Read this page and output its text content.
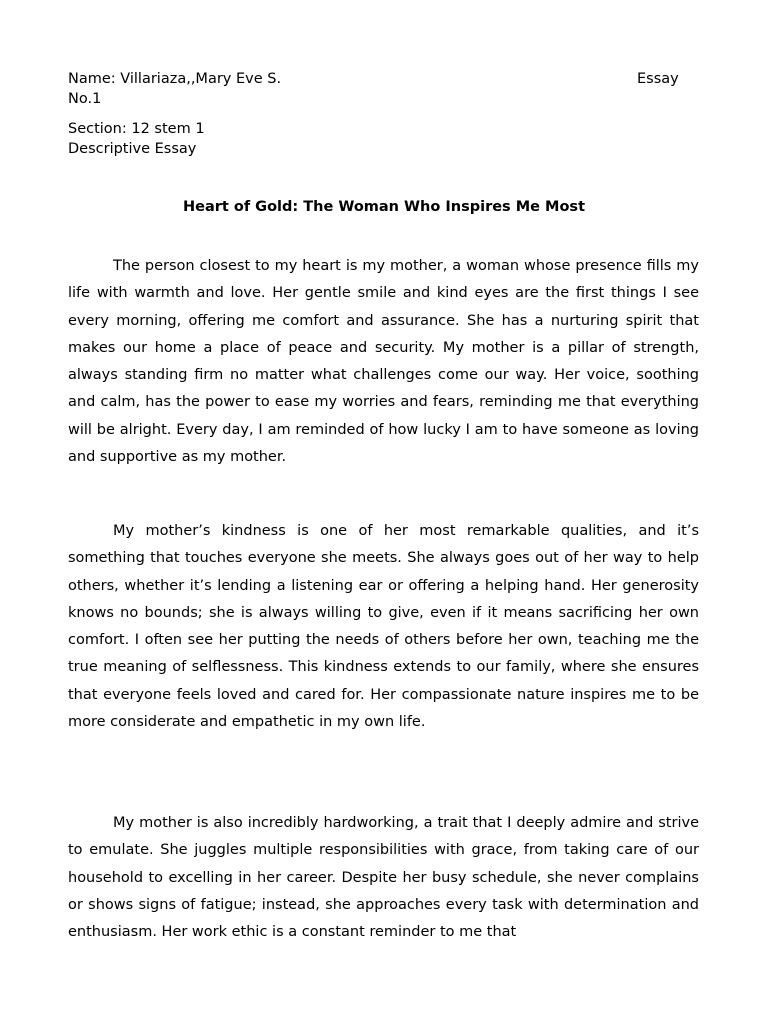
Name: Villariaza,,Mary Eve S.	Essay
No.1
Section: 12 stem 1
Descriptive Essay
Heart of Gold: The Woman Who Inspires Me Most

The person closest to my heart is my mother, a woman whose presence fills my life with warmth and love. Her gentle smile and kind eyes are the first things I see every morning, offering me comfort and assurance. She has a nurturing spirit that makes our home a place of peace and security. My mother is a pillar of strength, always standing firm no matter what challenges come our way. Her voice, soothing and calm, has the power to ease my worries and fears, reminding me that everything will be alright. Every day, I am reminded of how lucky I am to have someone as loving and supportive as my mother.

My mother’s kindness is one of her most remarkable qualities, and it’s something that touches everyone she meets. She always goes out of her way to help others, whether it’s lending a listening ear or offering a helping hand. Her generosity knows no bounds; she is always willing to give, even if it means sacrificing her own comfort. I often see her putting the needs of others before her own, teaching me the true meaning of selflessness. This kindness extends to our family, where she ensures that everyone feels loved and cared for. Her compassionate nature inspires me to be more considerate and empathetic in my own life.

My mother is also incredibly hardworking, a trait that I deeply admire and strive to emulate. She juggles multiple responsibilities with grace, from taking care of our household to excelling in her career. Despite her busy schedule, she never complains or shows signs of fatigue; instead, she approaches every task with determination and enthusiasm. Her work ethic is a constant reminder to me that
